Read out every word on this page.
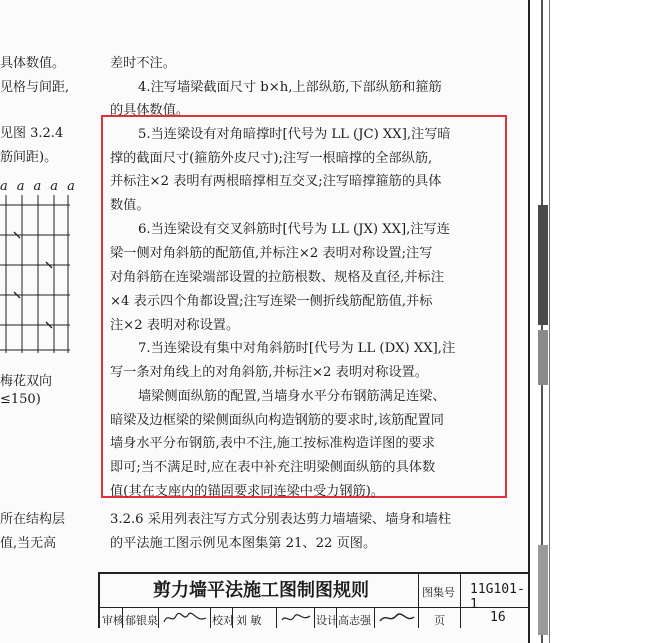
具体数值。
见格与间距,
见图 3.2.4
筋间距)。
aaaaa
梅花双向
≤150)
所在结构层
值,当无高
差时不注。
4.注写墙梁截面尺寸 b×h,上部纵筋,下部纵筋和箍筋
的具体数值。
5.当连梁设有对角暗撑时[代号为 LL (JC) XX],注写暗
撑的截面尺寸(箍筋外皮尺寸);注写一根暗撑的全部纵筋,
并标注×2 表明有两根暗撑相互交叉;注写暗撑箍筋的具体
数值。
6.当连梁设有交叉斜筋时[代号为 LL (JX) XX],注写连
梁一侧对角斜筋的配筋值,并标注×2 表明对称设置;注写
对角斜筋在连梁端部设置的拉筋根数、规格及直径,并标注
×4 表示四个角都设置;注写连梁一侧折线筋配筋值,并标
注×2 表明对称设置。
7.当连梁设有集中对角斜筋时[代号为 LL (DX) XX],注
写一条对角线上的对角斜筋,并标注×2 表明对称设置。
墙梁侧面纵筋的配置,当墙身水平分布钢筋满足连梁、
暗梁及边框梁的梁侧面纵向构造钢筋的要求时,该筋配置同
墙身水平分布钢筋,表中不注,施工按标准构造详图的要求
即可;当不满足时,应在表中补充注明梁侧面纵筋的具体数
值(其在支座内的锚固要求同连梁中受力钢筋)。
3.2.6 采用列表注写方式分别表达剪力墙墙梁、墙身和墙柱
的平法施工图示例见本图集第 21、22 页图。
剪力墙平法施工图制图规则	图集号 11G101-1
审核 郁银泉	校对 刘 敏	设计 高志强	页	16
